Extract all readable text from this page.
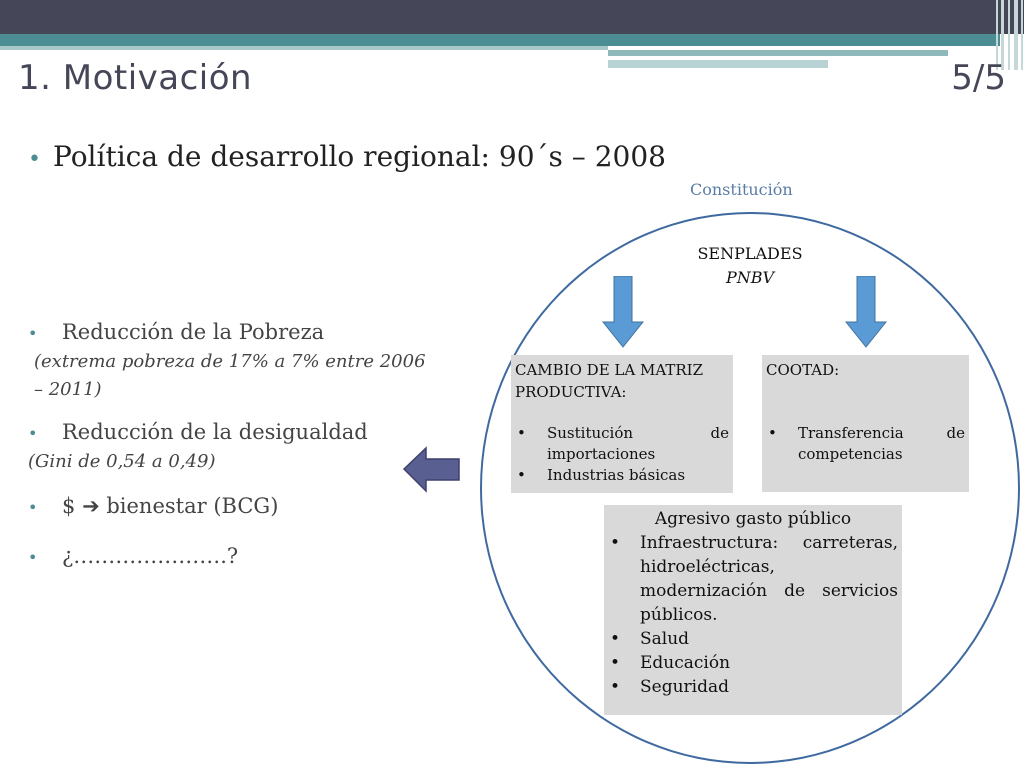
1. Motivación	5/5
• Política de desarrollo regional: 90´s – 2008
Constitución
SENPLADES
PNBV
CAMBIO DE LA MATRIZ PRODUCTIVA:
• Sustitución de importaciones
• Industrias básicas
COOTAD:
• Transferencia de competencias
Agresivo gasto público
• Infraestructura: carreteras, hidroeléctricas, modernización de servicios públicos.
• Salud
• Educación
• Seguridad
• Reducción de la Pobreza
(extrema pobreza de 17% a 7% entre 2006 – 2011)
• Reducción de la desigualdad
(Gini de 0,54 a 0,49)
• $ ➔ bienestar (BCG)
• ¿………………….?
